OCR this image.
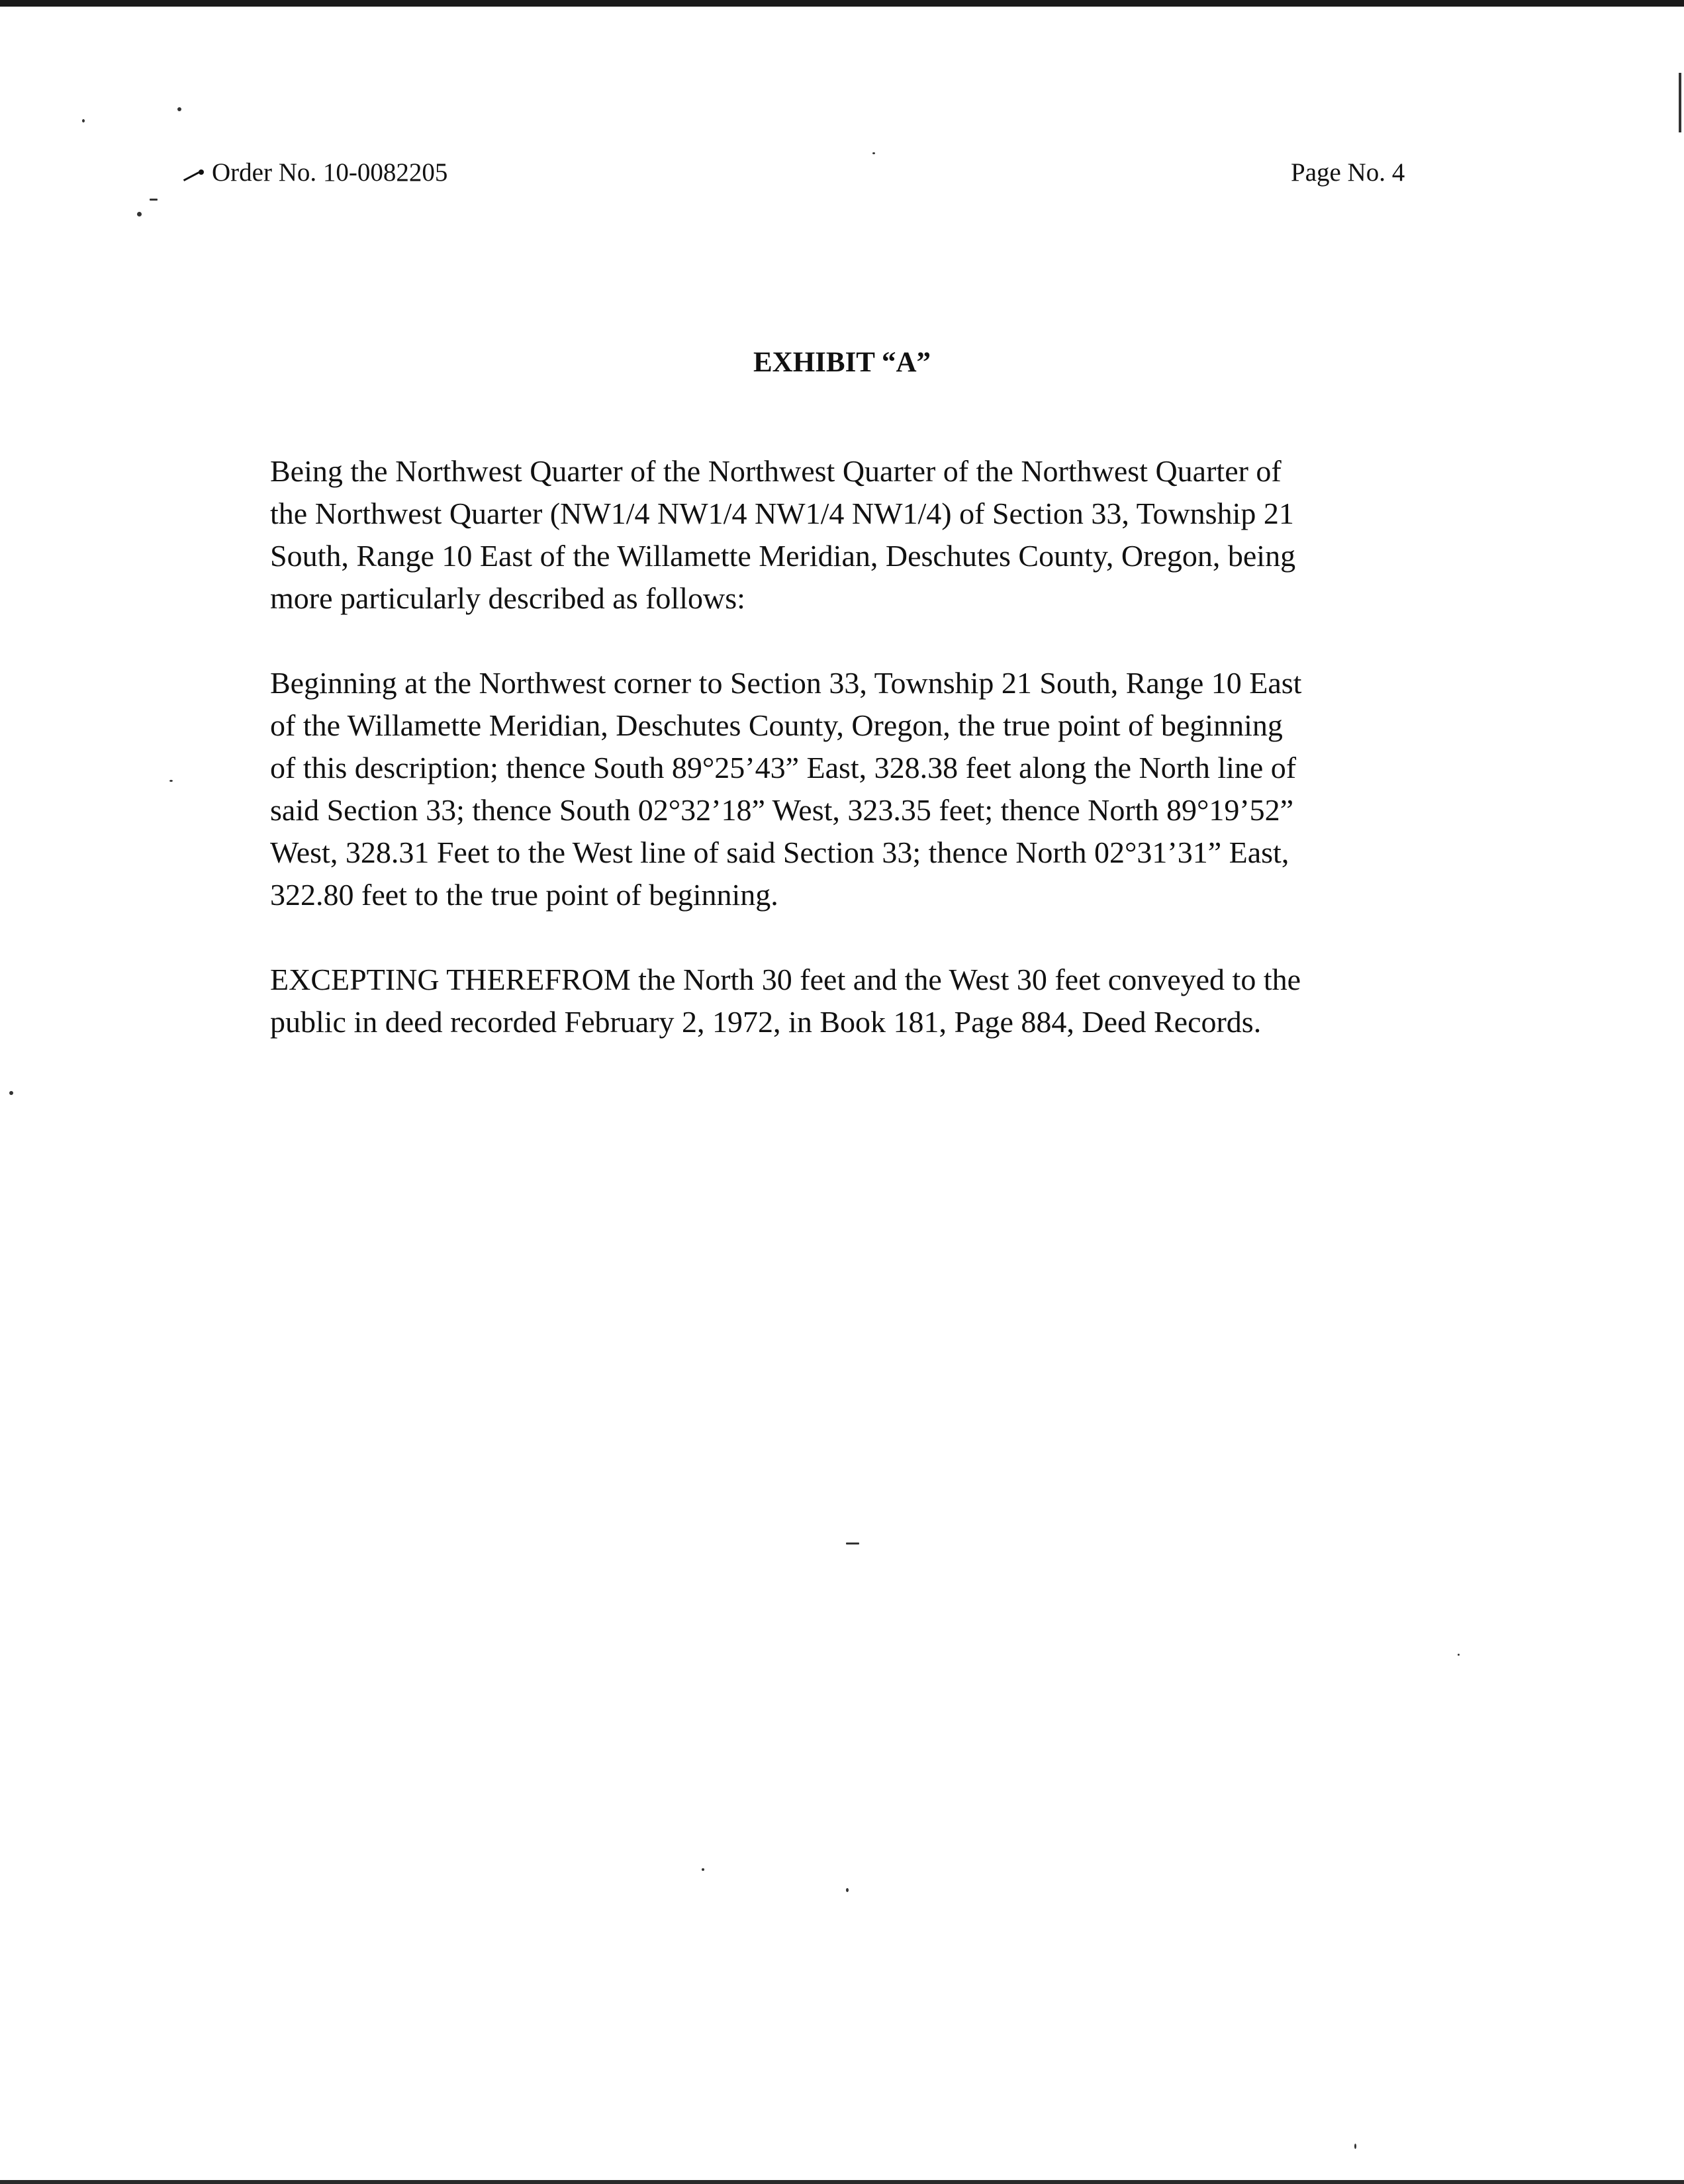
Order No. 10-0082205	Page No. 4
EXHIBIT “A”

Being the Northwest Quarter of the Northwest Quarter of the Northwest Quarter of
the Northwest Quarter (NW1/4 NW1/4 NW1/4 NW1/4) of Section 33, Township 21
South, Range 10 East of the Willamette Meridian, Deschutes County, Oregon, being
more particularly described as follows:

Beginning at the Northwest corner to Section 33, Township 21 South, Range 10 East
of the Willamette Meridian, Deschutes County, Oregon, the true point of beginning
of this description; thence South 89°25’43” East, 328.38 feet along the North line of
said Section 33; thence South 02°32’18” West, 323.35 feet; thence North 89°19’52”
West, 328.31 Feet to the West line of said Section 33; thence North 02°31’31” East,
322.80 feet to the true point of beginning.

EXCEPTING THEREFROM the North 30 feet and the West 30 feet conveyed to the
public in deed recorded February 2, 1972, in Book 181, Page 884, Deed Records.
